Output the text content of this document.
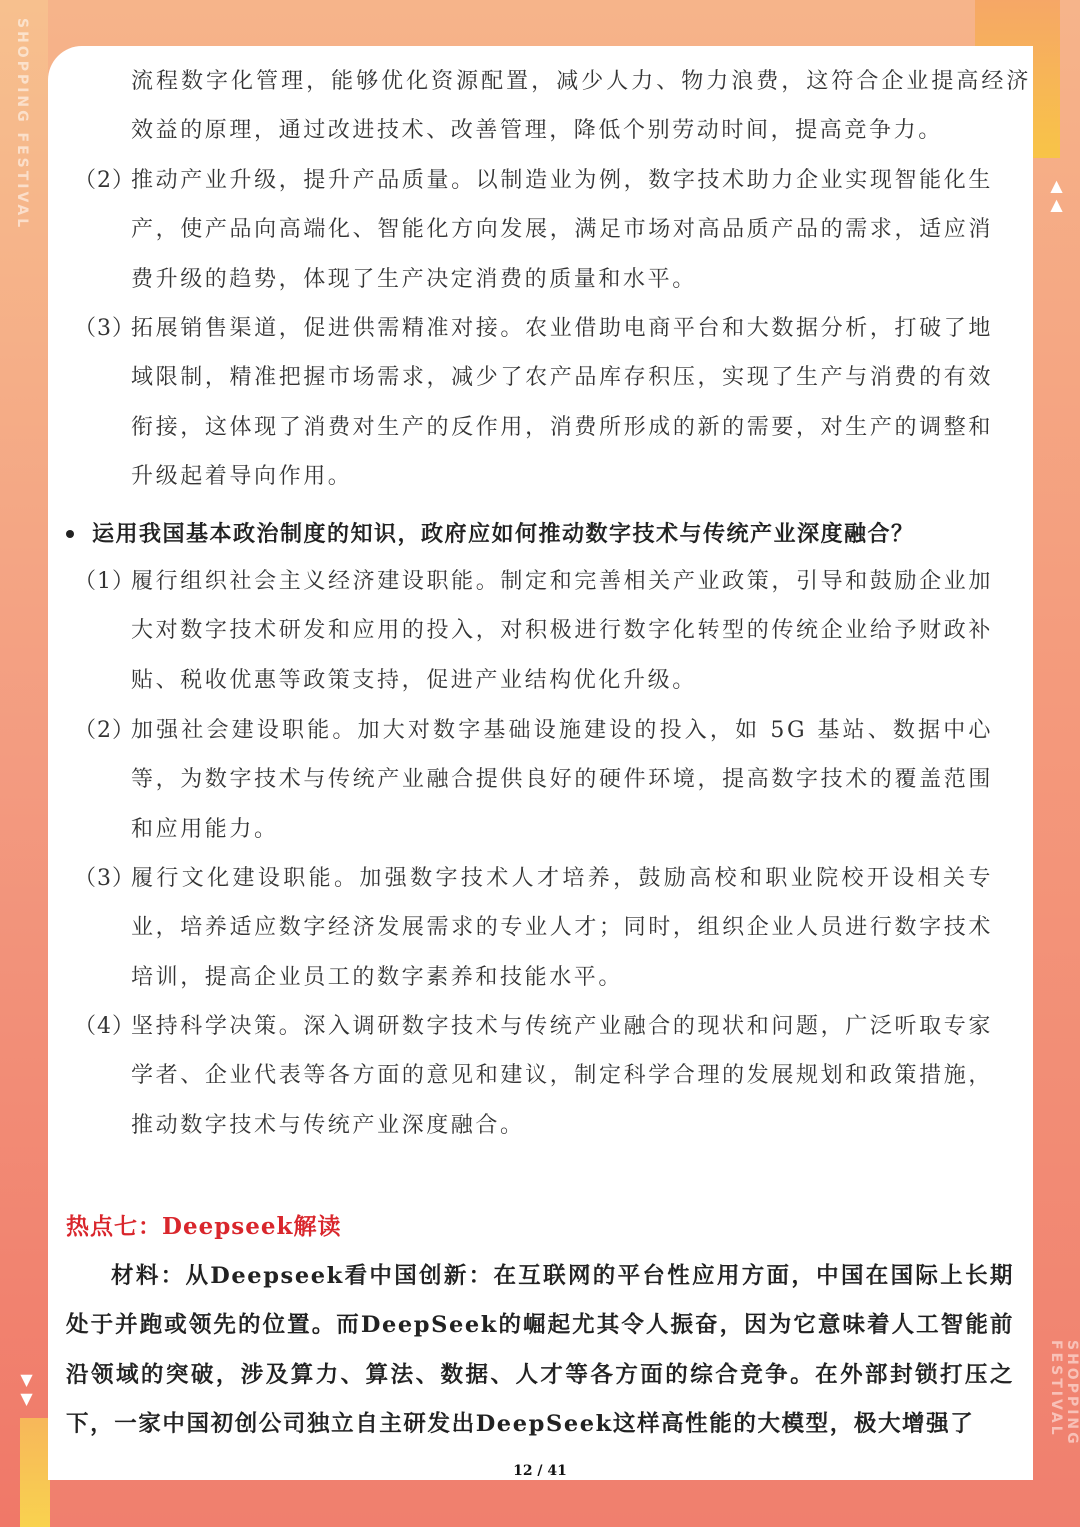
SHOPPING FESTIVAL
SHOPPING FESTIVAL
▲▲
▼▼

流程数字化管理，能够优化资源配置，减少人力、物力浪费，这符合企业提高经济效益的原理，通过改进技术、改善管理，降低个别劳动时间，提高竞争力。

（2）

推动产业升级，提升产品质量。以制造业为例，数字技术助力企业实现智能化生产，使产品向高端化、智能化方向发展，满足市场对高品质产品的需求，适应消费升级的趋势，体现了生产决定消费的质量和水平。

（3）

拓展销售渠道，促进供需精准对接。农业借助电商平台和大数据分析，打破了地域限制，精准把握市场需求，减少了农产品库存积压，实现了生产与消费的有效衔接，这体现了消费对生产的反作用，消费所形成的新的需要，对生产的调整和升级起着导向作用。

运用我国基本政治制度的知识，政府应如何推动数字技术与传统产业深度融合？
（1）

履行组织社会主义经济建设职能。制定和完善相关产业政策，引导和鼓励企业加大对数字技术研发和应用的投入，对积极进行数字化转型的传统企业给予财政补贴、税收优惠等政策支持，促进产业结构优化升级。

（2）

加强社会建设职能。加大对数字基础设施建设的投入，如 5G 基站、数据中心等，为数字技术与传统产业融合提供良好的硬件环境，提高数字技术的覆盖范围和应用能力。

（3）

履行文化建设职能。加强数字技术人才培养，鼓励高校和职业院校开设相关专业，培养适应数字经济发展需求的专业人才；同时，组织企业人员进行数字技术培训，提高企业员工的数字素养和技能水平。

（4）

坚持科学决策。深入调研数字技术与传统产业融合的现状和问题，广泛听取专家学者、企业代表等各方面的意见和建议，制定科学合理的发展规划和政策措施，推动数字技术与传统产业深度融合。

热点七：Deepseek解读

材料：从Deepseek看中国创新：在互联网的平台性应用方面，中国在国际上长期处于并跑或领先的位置。而DeepSeek的崛起尤其令人振奋，因为它意味着人工智能前沿领域的突破，涉及算力、算法、数据、人才等各方面的综合竞争。在外部封锁打压之下，一家中国初创公司独立自主研发出DeepSeek这样高性能的大模型，极大增强了

12 / 41
